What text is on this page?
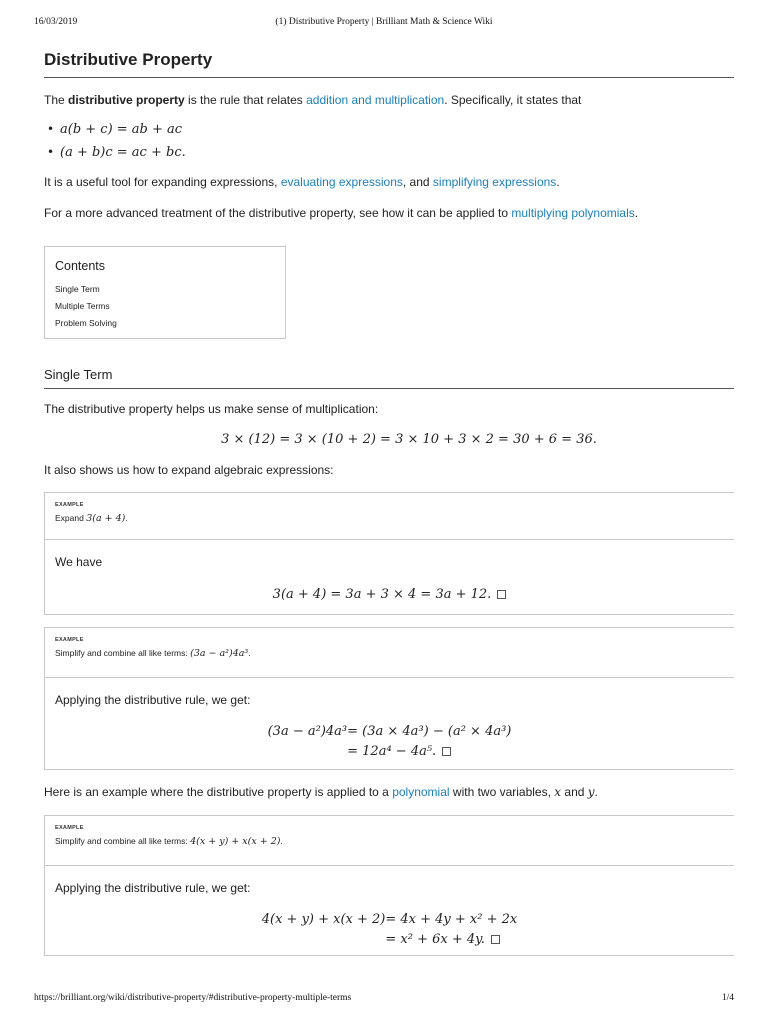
16/03/2019	(1) Distributive Property | Brilliant Math & Science Wiki
Distributive Property

The distributive property is the rule that relates addition and multiplication. Specifically, it states that

• a(b + c) = ab + ac
• (a + b)c = ac + bc.

It is a useful tool for expanding expressions, evaluating expressions, and simplifying expressions.

For a more advanced treatment of the distributive property, see how it can be applied to multiplying polynomials.

Contents
Single Term
Multiple Terms
Problem Solving
Single Term

The distributive property helps us make sense of multiplication:

3 × (12) = 3 × (10 + 2) = 3 × 10 + 3 × 2 = 30 + 6 = 36.

It also shows us how to expand algebraic expressions:

EXAMPLE
Expand 3(a + 4).

We have

3(a + 4) = 3a + 3 × 4 = 3a + 12.
EXAMPLE
Simplify and combine all like terms: (3a − a²)4a³.

Applying the distributive rule, we get:

(3a − a²)4a³ = (3a × 4a³) − (a² × 4a³)
= 12a⁴ − 4a⁵.

Here is an example where the distributive property is applied to a polynomial with two variables, x and y.

EXAMPLE
Simplify and combine all like terms: 4(x + y) + x(x + 2).

Applying the distributive rule, we get:

4(x + y) + x(x + 2) = 4x + 4y + x² + 2x
= x² + 6x + 4y.
https://brilliant.org/wiki/distributive-property/#distributive-property-multiple-terms	1/4
